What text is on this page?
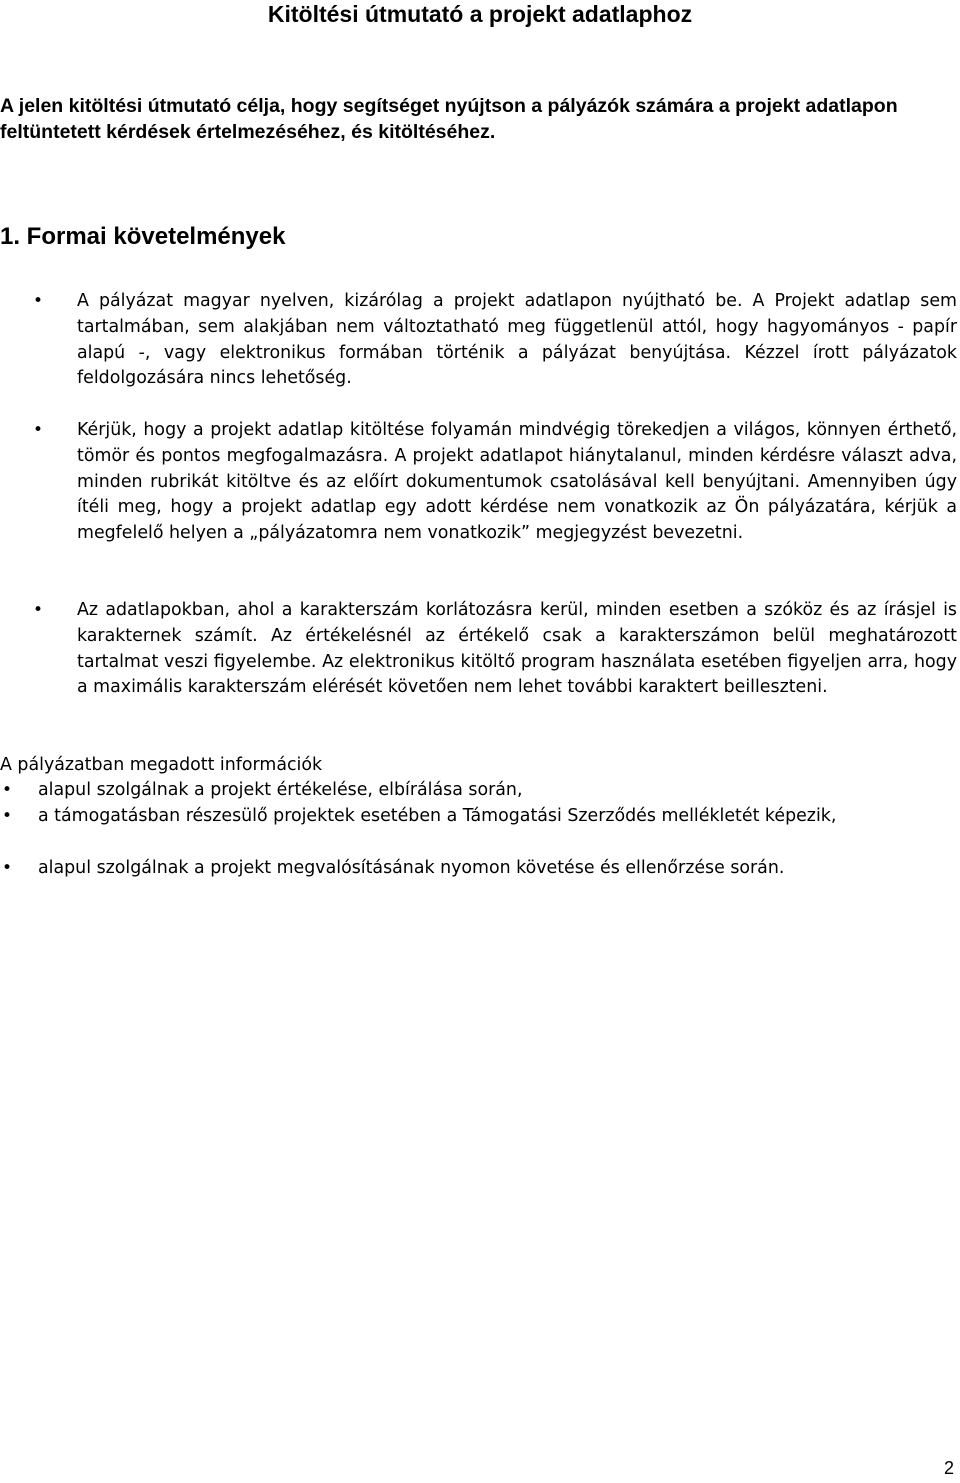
Kitöltési útmutató a projekt adatlaphoz

A jelen kitöltési útmutató célja, hogy segítséget nyújtson a pályázók számára a projekt adatlapon feltüntetett kérdések értelmezéséhez, és kitöltéséhez.

1. Formai követelmények
•	A pályázat magyar nyelven, kizárólag a projekt adatlapon nyújtható be. A Projekt adatlap sem tartalmában, sem alakjában nem változtatható meg függetlenül attól, hogy hagyományos - papír alapú -, vagy elektronikus formában történik a pályázat benyújtása. Kézzel írott pályázatok feldolgozására nincs lehetőség.
•	Kérjük, hogy a projekt adatlap kitöltése folyamán mindvégig törekedjen a világos, könnyen érthető, tömör és pontos megfogalmazásra. A projekt adatlapot hiánytalanul, minden kérdésre választ adva, minden rubrikát kitöltve és az előírt dokumentumok csatolásával kell benyújtani. Amennyiben úgy ítéli meg, hogy a projekt adatlap egy adott kérdése nem vonatkozik az Ön pályázatára, kérjük a megfelelő helyen a „pályázatomra nem vonatkozik” megjegyzést bevezetni.
•	Az adatlapokban, ahol a karakterszám korlátozásra kerül, minden esetben a szóköz és az írásjel is karakternek számít. Az értékelésnél az értékelő csak a karakterszámon belül meghatározott tartalmat veszi figyelembe. Az elektronikus kitöltő program használata esetében figyeljen arra, hogy a maximális karakterszám elérését követően nem lehet további karaktert beilleszteni.

A pályázatban megadott információk

• alapul szolgálnak a projekt értékelése, elbírálása során,
• a támogatásban részesülő projektek esetében a Támogatási Szerződés mellékletét képezik,
• alapul szolgálnak a projekt megvalósításának nyomon követése és ellenőrzése során.
2
